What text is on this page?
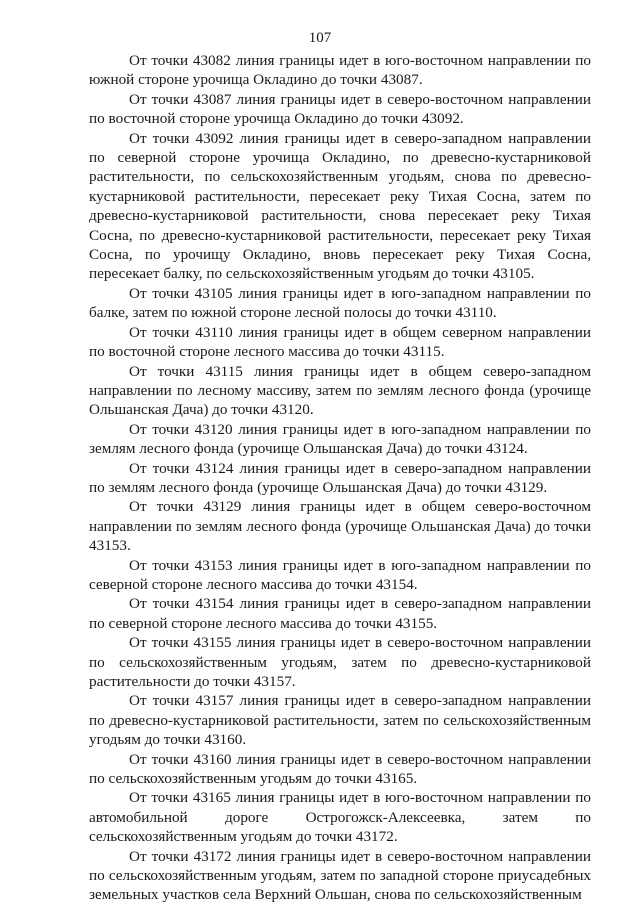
107

От точки 43082 линия границы идет в юго-восточном направлении по южной стороне урочища Окладино до точки 43087.

От точки 43087 линия границы идет в северо-восточном направлении по восточной стороне урочища Окладино до точки 43092.

От точки 43092 линия границы идет в северо-западном направлении по северной стороне урочища Окладино, по древесно-кустарниковой растительности, по сельскохозяйственным угодьям, снова по древесно-кустарниковой растительности, пересекает реку Тихая Сосна, затем по древесно-кустарниковой растительности, снова пересекает реку Тихая Сосна, по древесно-кустарниковой растительности, пересекает реку Тихая Сосна, по урочищу Окладино, вновь пересекает реку Тихая Сосна, пересекает балку, по сельскохозяйственным угодьям до точки 43105.

От точки 43105 линия границы идет в юго-западном направлении по балке, затем по южной стороне лесной полосы до точки 43110.

От точки 43110 линия границы идет в общем северном направлении по восточной стороне лесного массива до точки 43115.

От точки 43115 линия границы идет в общем северо-западном направлении по лесному массиву, затем по землям лесного фонда (урочище Ольшанская Дача) до точки 43120.

От точки 43120 линия границы идет в юго-западном направлении по землям лесного фонда (урочище Ольшанская Дача) до точки 43124.

От точки 43124 линия границы идет в северо-западном направлении по землям лесного фонда (урочище Ольшанская Дача) до точки 43129.

От точки 43129 линия границы идет в общем северо-восточном направлении по землям лесного фонда (урочище Ольшанская Дача) до точки 43153.

От точки 43153 линия границы идет в юго-западном направлении по северной стороне лесного массива до точки 43154.

От точки 43154 линия границы идет в северо-западном направлении по северной стороне лесного массива до точки 43155.

От точки 43155 линия границы идет в северо-восточном направлении по сельскохозяйственным угодьям, затем по древесно-кустарниковой растительности до точки 43157.

От точки 43157 линия границы идет в северо-западном направлении по древесно-кустарниковой растительности, затем по сельскохозяйственным угодьям до точки 43160.

От точки 43160 линия границы идет в северо-восточном направлении по сельскохозяйственным угодьям до точки 43165.

От точки 43165 линия границы идет в юго-восточном направлении по автомобильной дороге Острогожск-Алексеевка, затем по сельскохозяйственным угодьям до точки 43172.

От точки 43172 линия границы идет в северо-восточном направлении по сельскохозяйственным угодьям, затем по западной стороне приусадебных земельных участков села Верхний Ольшан, снова по сельскохозяйственным
